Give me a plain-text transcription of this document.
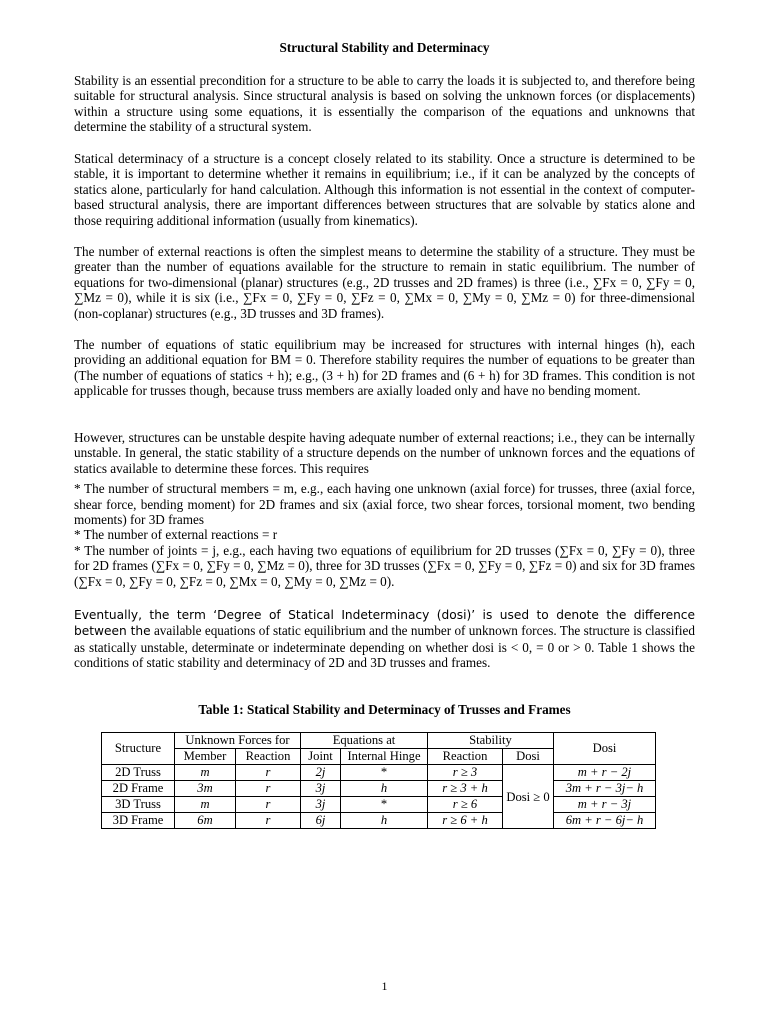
Structural Stability and Determinacy

Stability is an essential precondition for a structure to be able to carry the loads it is subjected to, and therefore being suitable for structural analysis. Since structural analysis is based on solving the unknown forces (or displacements) within a structure using some equations, it is essentially the comparison of the equations and unknowns that determine the stability of a structural system.

Statical determinacy of a structure is a concept closely related to its stability. Once a structure is determined to be stable, it is important to determine whether it remains in equilibrium; i.e., if it can be analyzed by the concepts of statics alone, particularly for hand calculation. Although this information is not essential in the context of computer-based structural analysis, there are important differences between structures that are solvable by statics alone and those requiring additional information (usually from kinematics).

The number of external reactions is often the simplest means to determine the stability of a structure. They must be greater than the number of equations available for the structure to remain in static equilibrium. The number of equations for two-dimensional (planar) structures (e.g., 2D trusses and 2D frames) is three (i.e., ∑Fx = 0, ∑Fy = 0, ∑Mz = 0), while it is six (i.e., ∑Fx = 0, ∑Fy = 0, ∑Fz = 0, ∑Mx = 0, ∑My = 0, ∑Mz = 0) for three-dimensional (non-coplanar) structures (e.g., 3D trusses and 3D frames).

The number of equations of static equilibrium may be increased for structures with internal hinges (h), each providing an additional equation for BM = 0. Therefore stability requires the number of equations to be greater than (The number of equations of statics + h); e.g., (3 + h) for 2D frames and (6 + h) for 3D frames. This condition is not applicable for trusses though, because truss members are axially loaded only and have no bending moment.

However, structures can be unstable despite having adequate number of external reactions; i.e., they can be internally unstable. In general, the static stability of a structure depends on the number of unknown forces and the equations of statics available to determine these forces. This requires

* The number of structural members = m, e.g., each having one unknown (axial force) for trusses, three (axial force, shear force, bending moment) for 2D frames and six (axial force, two shear forces, torsional moment, two bending moments) for 3D frames

* The number of external reactions = r

* The number of joints = j, e.g., each having two equations of equilibrium for 2D trusses (∑Fx = 0, ∑Fy = 0), three for 2D frames (∑Fx = 0, ∑Fy = 0, ∑Mz = 0), three for 3D trusses (∑Fx = 0, ∑Fy = 0, ∑Fz = 0) and six for 3D frames (∑Fx = 0, ∑Fy = 0, ∑Fz = 0, ∑Mx = 0, ∑My = 0, ∑Mz = 0).

Eventually, the term ‘Degree of Statical Indeterminacy (dosi)’ is used to denote the difference between the available equations of static equilibrium and the number of unknown forces. The structure is classified as statically unstable, determinate or indeterminate depending on whether dosi is < 0, = 0 or > 0. Table 1 shows the conditions of static stability and determinacy of 2D and 3D trusses and frames.
Table 1: Statical Stability and Determinacy of Trusses and Frames
Structure	Unknown Forces for		Equations at		Stability		Dosi
	Member	Reaction	Joint	Internal Hinge	Reaction	Dosi	
2D Truss	m	r	2j	*	r ≥ 3	Dosi ≥ 0	m + r − 2j
2D Frame	3m	r	3j	h	r ≥ 3 + h		3m + r − 3j− h
3D Truss	m	r	3j	*	r ≥ 6		m + r − 3j
3D Frame	6m	r	6j	h	r ≥ 6 + h		6m + r − 6j− h
1
